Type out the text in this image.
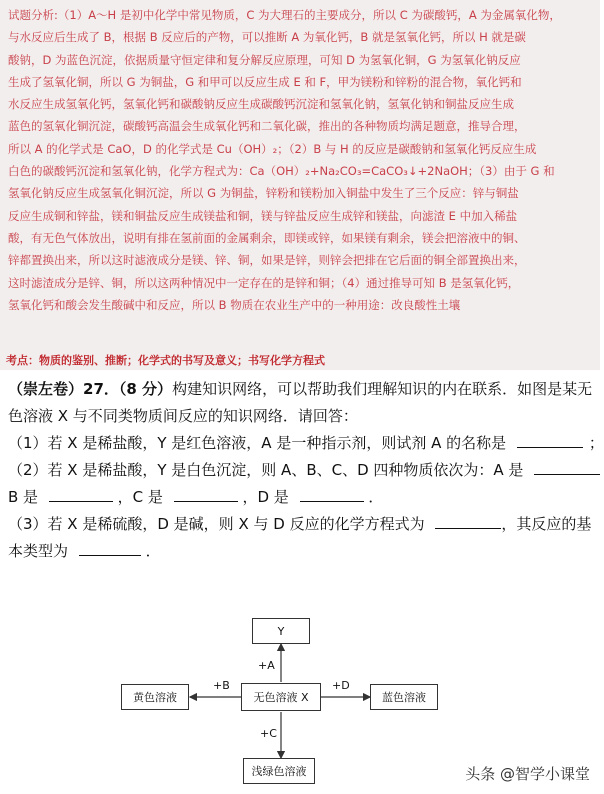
试题分析:（1）A～H 是初中化学中常见物质，C 为大理石的主要成分，所以 C 为碳酸钙，A 为金属氧化物，
与水反应后生成了 B，根据 B 反应后的产物，可以推断 A 为氧化钙，B 就是氢氧化钙，所以 H 就是碳
酸钠，D 为蓝色沉淀，依据质量守恒定律和复分解反应原理，可知 D 为氢氧化铜，G 为氢氧化钠反应
生成了氢氧化铜，所以 G 为铜盐，G 和甲可以反应生成 E 和 F，甲为镁粉和锌粉的混合物，氧化钙和
水反应生成氢氧化钙，氢氧化钙和碳酸钠反应生成碳酸钙沉淀和氢氧化钠，氢氧化钠和铜盐反应生成
蓝色的氢氧化铜沉淀，碳酸钙高温会生成氧化钙和二氧化碳，推出的各种物质均满足题意，推导合理，
所以 A 的化学式是 CaO，D 的化学式是 Cu（OH）₂；（2）B 与 H 的反应是碳酸钠和氢氧化钙反应生成
白色的碳酸钙沉淀和氢氧化钠，化学方程式为：Ca（OH）₂+Na₂CO₃=CaCO₃↓+2NaOH；（3）由于 G 和
氢氧化钠反应生成氢氧化铜沉淀，所以 G 为铜盐，锌粉和镁粉加入铜盐中发生了三个反应：锌与铜盐
反应生成铜和锌盐，镁和铜盐反应生成镁盐和铜，镁与锌盐反应生成锌和镁盐，向滤渣 E 中加入稀盐
酸，有无色气体放出，说明有排在氢前面的金属剩余，即镁或锌，如果镁有剩余，镁会把溶液中的铜、
锌都置换出来，所以这时滤液成分是镁、锌、铜，如果是锌，则锌会把排在它后面的铜全部置换出来，
这时滤渣成分是锌、铜，所以这两种情况中一定存在的是锌和铜；（4）通过推导可知 B 是氢氧化钙，
氢氧化钙和酸会发生酸碱中和反应，所以 B 物质在农业生产中的一种用途：改良酸性土壤
考点：物质的鉴别、推断；化学式的书写及意义；书写化学方程式
（崇左卷）27．（8 分）构建知识网络，可以帮助我们理解知识的内在联系．如图是某无
色溶液 X 与不同类物质间反应的知识网络．请回答：
（1）若 X 是稀盐酸，Y 是红色溶液，A 是一种指示剂，则试剂 A 的名称是	；
（2）若 X 是稀盐酸，Y 是白色沉淀，则 A、B、C、D 四种物质依次为：A 是
B 是	，C 是	，D 是	．
（3）若 X 是稀硫酸，D 是碱，则 X 与 D 反应的化学方程式为	，其反应的基
本类型为	．
Y
黄色溶液	无色溶液 X	蓝色溶液
浅绿色溶液
+A
+B
+C
+D
头条 @智学小课堂
